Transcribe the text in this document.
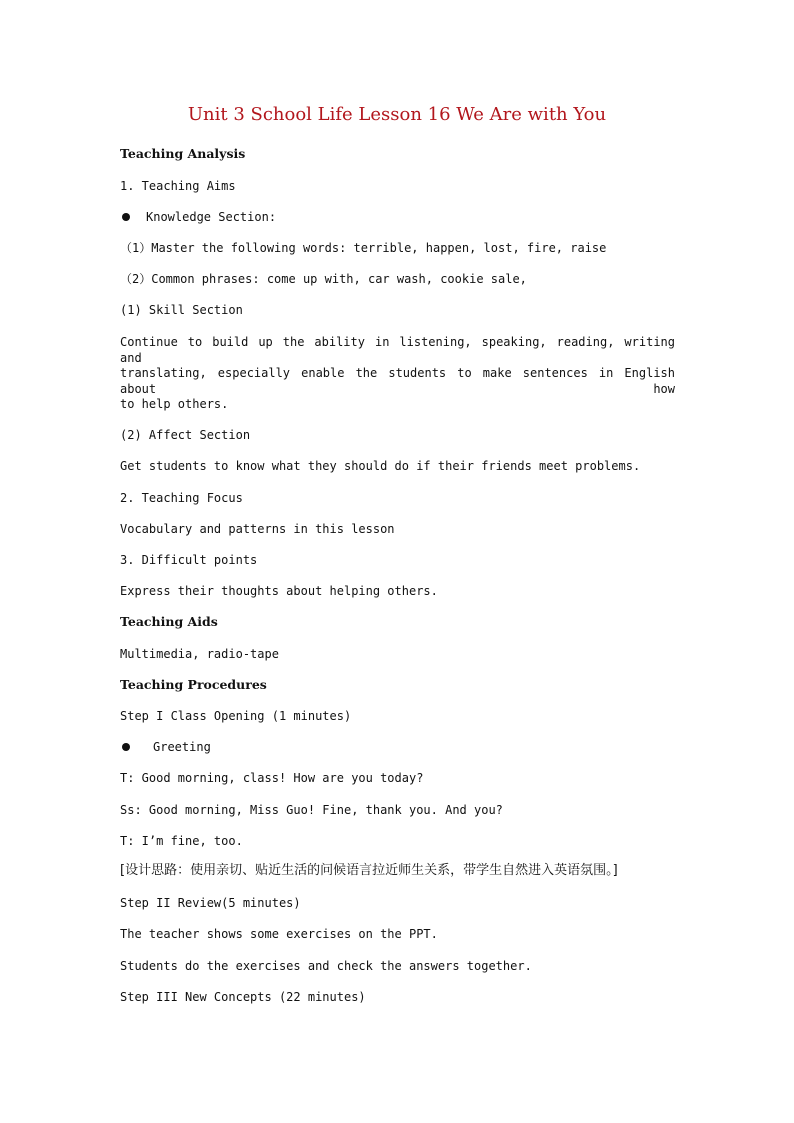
Unit 3 School Life Lesson 16 We Are with You
Teaching Analysis
1. Teaching Aims
Knowledge Section:
（1）Master the following words: terrible, happen, lost, fire, raise
（2）Common phrases: come up with, car wash, cookie sale,
(1) Skill Section
Continue to build up the ability in listening, speaking, reading, writing and
translating, especially enable the students to make sentences in English about how
to help others.
(2) Affect Section
Get students to know what they should do if their friends meet problems.
2. Teaching Focus
Vocabulary and patterns in this lesson
3. Difficult points
Express their thoughts about helping others.
Teaching Aids
Multimedia, radio-tape
Teaching Procedures
Step I Class Opening (1 minutes)
Greeting
T: Good morning, class! How are you today?
Ss: Good morning, Miss Guo! Fine, thank you. And you?
T: I’m fine, too.
[设计思路：使用亲切、贴近生活的问候语言拉近师生关系，带学生自然进入英语氛围。]
Step II Review(5 minutes)
The teacher shows some exercises on the PPT.
Students do the exercises and check the answers together.
Step III New Concepts (22 minutes)
